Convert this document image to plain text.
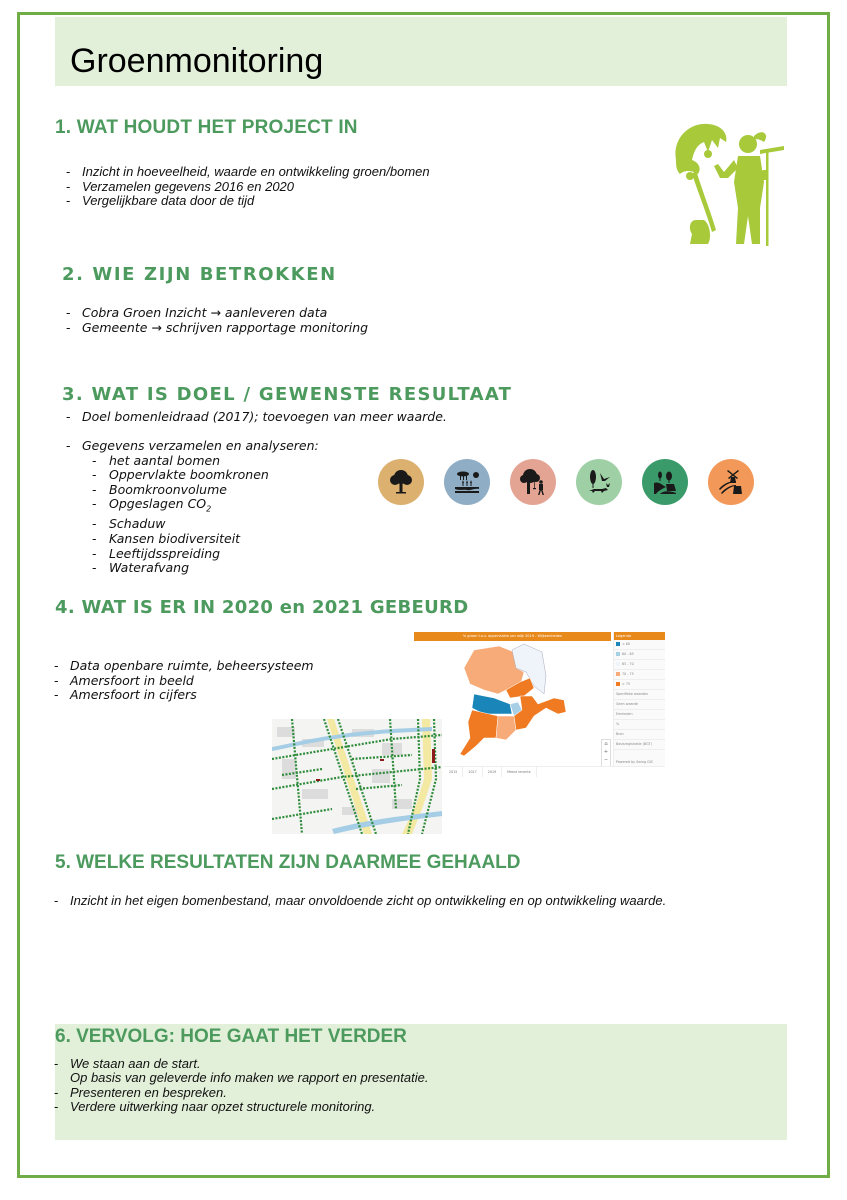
Groenmonitoring
1. WAT HOUDT HET PROJECT IN
- Inzicht in hoeveelheid, waarde en ontwikkeling groen/bomen
- Verzamelen gegevens 2016 en 2020
- Vergelijkbare data door de tijd
2. WIE ZIJN BETROKKEN
- Cobra Groen Inzicht → aanleveren data
- Gemeente → schrijven rapportage monitoring
3. WAT IS DOEL / GEWENSTE RESULTAAT
- Doel bomenleidraad (2017); toevoegen van meer waarde.
- Gegevens verzamelen en analyseren:
- het aantal bomen
- Oppervlakte boomkronen
- Boomkroonvolume
- Opgeslagen $CO_2$
- Schaduw
- Kansen biodiversiteit
- Leeftijdsspreiding
- Waterafvang
4. WAT IS ER IN 2020 en 2021 GEBEURD
- Data openbare ruimte, beheersysteem
- Amersfoort in beeld
- Amersfoort in cijfers
% groen t.o.v. oppervlakte per wijk 2019 - Wijkeenheden
⌂
+
−
Legenda
< 60
60 - 65
65 - 70
70 - 75
> 75
Specifieke waarden
Geen waarde
Eenheden
%
Bron
Basisregistratie (BGT)
Powered by Swing GIS
2015	2017	2019	Meest recente
5. WELKE RESULTATEN ZIJN DAARMEE GEHAALD
- Inzicht in het eigen bomenbestand, maar onvoldoende zicht op ontwikkeling en op ontwikkeling waarde.
6. VERVOLG: HOE GAAT HET VERDER
- We staan aan de start.
Op basis van geleverde info maken we rapport en presentatie.
- Presenteren en bespreken.
- Verdere uitwerking naar opzet structurele monitoring.
